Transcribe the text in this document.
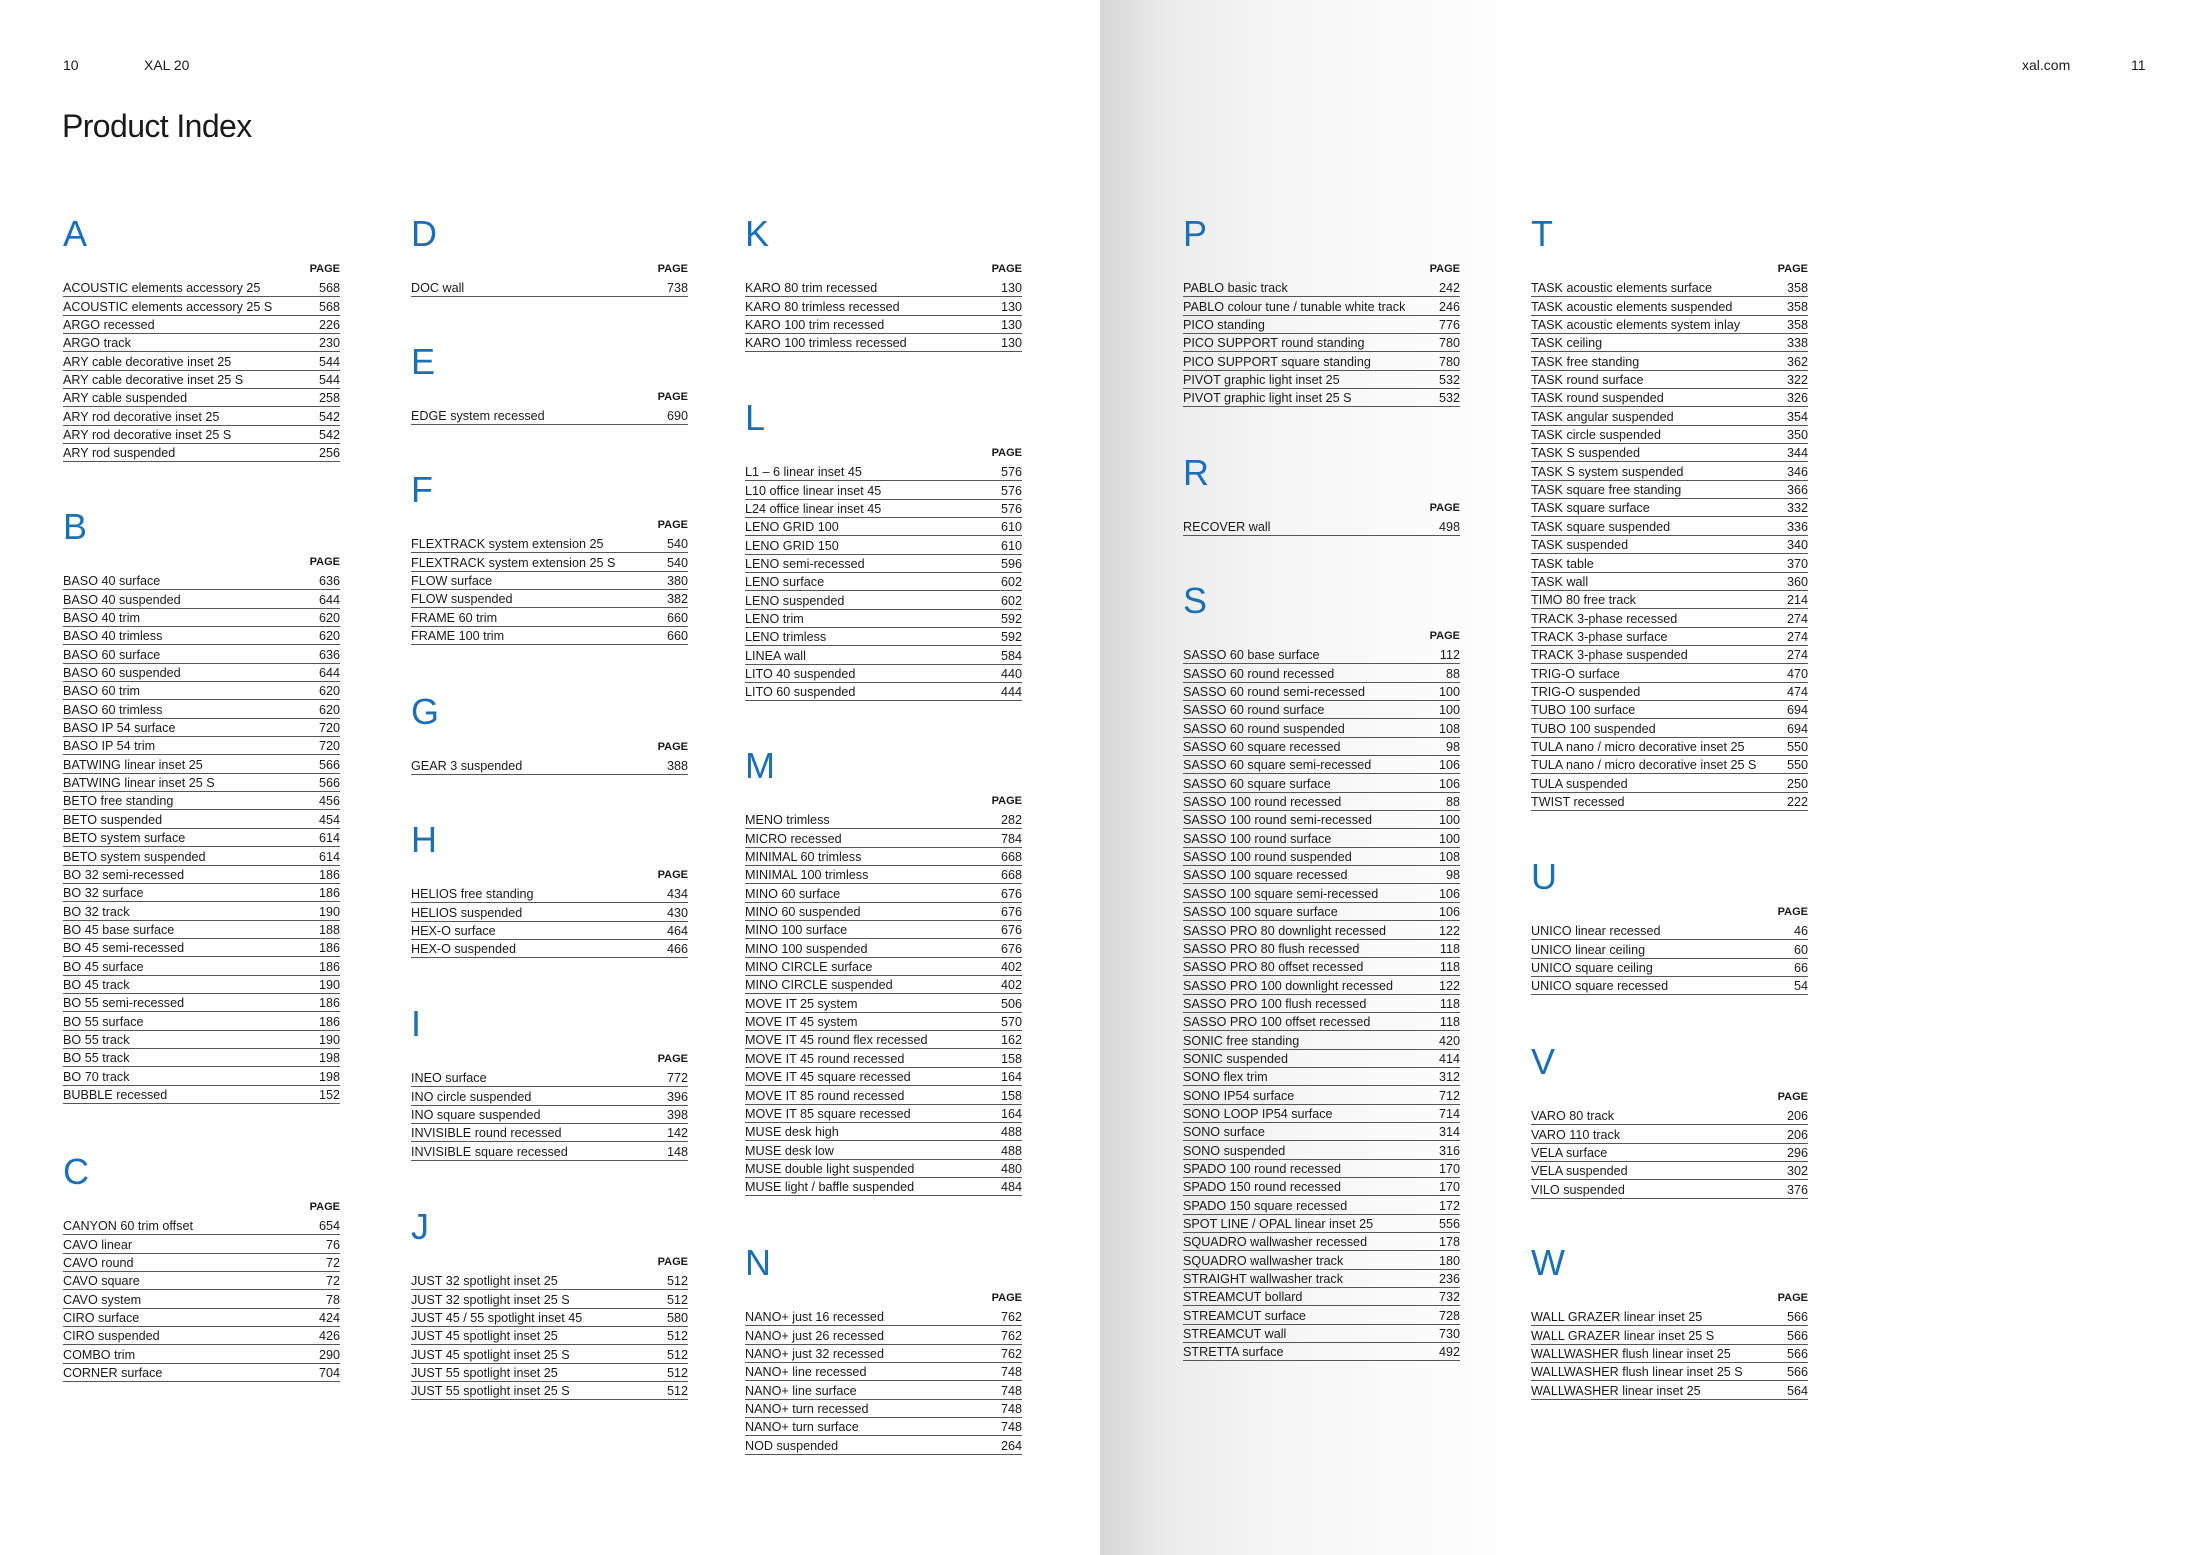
10	XAL 20	xal.com	11
Product Index
A
PAGE
ACOUSTIC elements accessory 25	568
ACOUSTIC elements accessory 25 S	568
ARGO recessed	226
ARGO track	230
ARY cable decorative inset 25	544
ARY cable decorative inset 25 S	544
ARY cable suspended	258
ARY rod decorative inset 25	542
ARY rod decorative inset 25 S	542
ARY rod suspended	256
B
PAGE
BASO 40 surface	636
BASO 40 suspended	644
BASO 40 trim	620
BASO 40 trimless	620
BASO 60 surface	636
BASO 60 suspended	644
BASO 60 trim	620
BASO 60 trimless	620
BASO IP 54 surface	720
BASO IP 54 trim	720
BATWING linear inset 25	566
BATWING linear inset 25 S	566
BETO free standing	456
BETO suspended	454
BETO system surface	614
BETO system suspended	614
BO 32 semi-recessed	186
BO 32 surface	186
BO 32 track	190
BO 45 base surface	188
BO 45 semi-recessed	186
BO 45 surface	186
BO 45 track	190
BO 55 semi-recessed	186
BO 55 surface	186
BO 55 track	190
BO 55 track	198
BO 70 track	198
BUBBLE recessed	152
C
PAGE
CANYON 60 trim offset	654
CAVO linear	76
CAVO round	72
CAVO square	72
CAVO system	78
CIRO surface	424
CIRO suspended	426
COMBO trim	290
CORNER surface	704
D
PAGE
DOC wall	738
E
PAGE
EDGE system recessed	690
F
PAGE
FLEXTRACK system extension 25	540
FLEXTRACK system extension 25 S	540
FLOW surface	380
FLOW suspended	382
FRAME 60 trim	660
FRAME 100 trim	660
G
PAGE
GEAR 3 suspended	388
H
PAGE
HELIOS free standing	434
HELIOS suspended	430
HEX-O surface	464
HEX-O suspended	466
I
PAGE
INEO surface	772
INO circle suspended	396
INO square suspended	398
INVISIBLE round recessed	142
INVISIBLE square recessed	148
J
PAGE
JUST 32 spotlight inset 25	512
JUST 32 spotlight inset 25 S	512
JUST 45 / 55 spotlight inset 45	580
JUST 45 spotlight inset 25	512
JUST 45 spotlight inset 25 S	512
JUST 55 spotlight inset 25	512
JUST 55 spotlight inset 25 S	512
K
PAGE
KARO 80 trim recessed	130
KARO 80 trimless recessed	130
KARO 100 trim recessed	130
KARO 100 trimless recessed	130
L
PAGE
L1 – 6 linear inset 45	576
L10 office linear inset 45	576
L24 office linear inset 45	576
LENO GRID 100	610
LENO GRID 150	610
LENO semi-recessed	596
LENO surface	602
LENO suspended	602
LENO trim	592
LENO trimless	592
LINEA wall	584
LITO 40 suspended	440
LITO 60 suspended	444
M
PAGE
MENO trimless	282
MICRO recessed	784
MINIMAL 60 trimless	668
MINIMAL 100 trimless	668
MINO 60 surface	676
MINO 60 suspended	676
MINO 100 surface	676
MINO 100 suspended	676
MINO CIRCLE surface	402
MINO CIRCLE suspended	402
MOVE IT 25 system	506
MOVE IT 45 system	570
MOVE IT 45 round flex recessed	162
MOVE IT 45 round recessed	158
MOVE IT 45 square recessed	164
MOVE IT 85 round recessed	158
MOVE IT 85 square recessed	164
MUSE desk high	488
MUSE desk low	488
MUSE double light suspended	480
MUSE light / baffle suspended	484
N
PAGE
NANO+ just 16 recessed	762
NANO+ just 26 recessed	762
NANO+ just 32 recessed	762
NANO+ line recessed	748
NANO+ line surface	748
NANO+ turn recessed	748
NANO+ turn surface	748
NOD suspended	264
P
PAGE
PABLO basic track	242
PABLO colour tune / tunable white track	246
PICO standing	776
PICO SUPPORT round standing	780
PICO SUPPORT square standing	780
PIVOT graphic light inset 25	532
PIVOT graphic light inset 25 S	532
R
PAGE
RECOVER wall	498
S
PAGE
SASSO 60 base surface	112
SASSO 60 round recessed	88
SASSO 60 round semi-recessed	100
SASSO 60 round surface	100
SASSO 60 round suspended	108
SASSO 60 square recessed	98
SASSO 60 square semi-recessed	106
SASSO 60 square surface	106
SASSO 100 round recessed	88
SASSO 100 round semi-recessed	100
SASSO 100 round surface	100
SASSO 100 round suspended	108
SASSO 100 square recessed	98
SASSO 100 square semi-recessed	106
SASSO 100 square surface	106
SASSO PRO 80 downlight recessed	122
SASSO PRO 80 flush recessed	118
SASSO PRO 80 offset recessed	118
SASSO PRO 100 downlight recessed	122
SASSO PRO 100 flush recessed	118
SASSO PRO 100 offset recessed	118
SONIC free standing	420
SONIC suspended	414
SONO flex trim	312
SONO IP54 surface	712
SONO LOOP IP54 surface	714
SONO surface	314
SONO suspended	316
SPADO 100 round recessed	170
SPADO 150 round recessed	170
SPADO 150 square recessed	172
SPOT LINE / OPAL linear inset 25	556
SQUADRO wallwasher recessed	178
SQUADRO wallwasher track	180
STRAIGHT wallwasher track	236
STREAMCUT bollard	732
STREAMCUT surface	728
STREAMCUT wall	730
STRETTA surface	492
T
PAGE
TASK acoustic elements surface	358
TASK acoustic elements suspended	358
TASK acoustic elements system inlay	358
TASK ceiling	338
TASK free standing	362
TASK round surface	322
TASK round suspended	326
TASK angular suspended	354
TASK circle suspended	350
TASK S suspended	344
TASK S system suspended	346
TASK square free standing	366
TASK square surface	332
TASK square suspended	336
TASK suspended	340
TASK table	370
TASK wall	360
TIMO 80 free track	214
TRACK 3-phase recessed	274
TRACK 3-phase surface	274
TRACK 3-phase suspended	274
TRIG-O surface	470
TRIG-O suspended	474
TUBO 100 surface	694
TUBO 100 suspended	694
TULA nano / micro decorative inset 25	550
TULA nano / micro decorative inset 25 S	550
TULA suspended	250
TWIST recessed	222
U
PAGE
UNICO linear recessed	46
UNICO linear ceiling	60
UNICO square ceiling	66
UNICO square recessed	54
V
PAGE
VARO 80 track	206
VARO 110 track	206
VELA surface	296
VELA suspended	302
VILO suspended	376
W
PAGE
WALL GRAZER linear inset 25	566
WALL GRAZER linear inset 25 S	566
WALLWASHER flush linear inset 25	566
WALLWASHER flush linear inset 25 S	566
WALLWASHER linear inset 25	564
